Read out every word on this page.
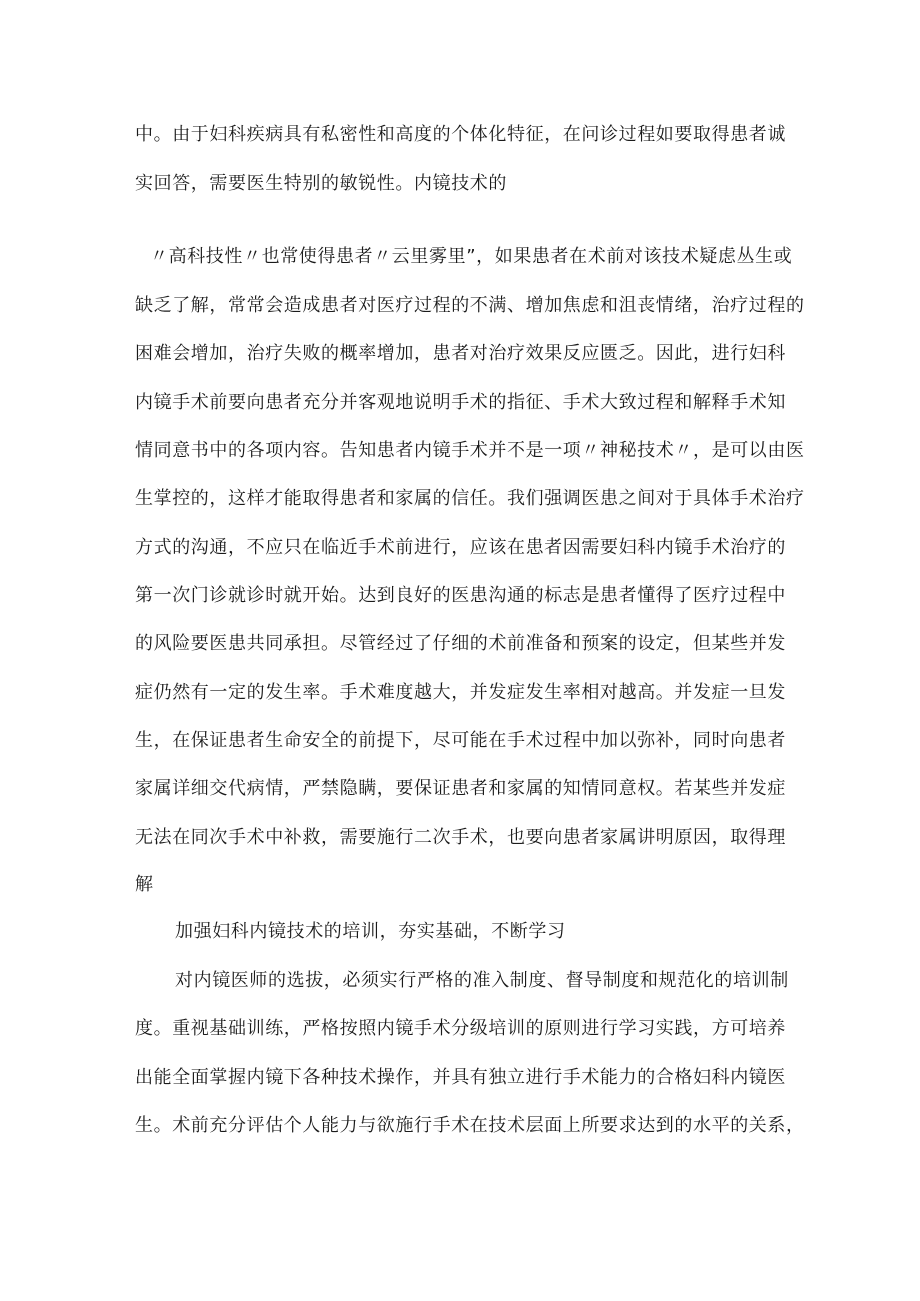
中。由于妇科疾病具有私密性和高度的个体化特征，在问诊过程如要取得患者诚
实回答，需要医生特别的敏锐性。内镜技术的
〃高科技性〃也常使得患者〃云里雾里”，如果患者在术前对该技术疑虑丛生或
缺乏了解，常常会造成患者对医疗过程的不满、增加焦虑和沮丧情绪，治疗过程的
困难会增加，治疗失败的概率增加，患者对治疗效果反应匮乏。因此，进行妇科
内镜手术前要向患者充分并客观地说明手术的指征、手术大致过程和解释手术知
情同意书中的各项内容。告知患者内镜手术并不是一项〃神秘技术〃，是可以由医
生掌控的，这样才能取得患者和家属的信任。我们强调医患之间对于具体手术治疗
方式的沟通，不应只在临近手术前进行，应该在患者因需要妇科内镜手术治疗的
第一次门诊就诊时就开始。达到良好的医患沟通的标志是患者懂得了医疗过程中
的风险要医患共同承担。尽管经过了仔细的术前准备和预案的设定，但某些并发
症仍然有一定的发生率。手术难度越大，并发症发生率相对越高。并发症一旦发
生，在保证患者生命安全的前提下，尽可能在手术过程中加以弥补，同时向患者
家属详细交代病情，严禁隐瞒，要保证患者和家属的知情同意权。若某些并发症
无法在同次手术中补救，需要施行二次手术，也要向患者家属讲明原因，取得理
解
加强妇科内镜技术的培训，夯实基础，不断学习
对内镜医师的选拔，必须实行严格的准入制度、督导制度和规范化的培训制
度。重视基础训练，严格按照内镜手术分级培训的原则进行学习实践，方可培养
出能全面掌握内镜下各种技术操作，并具有独立进行手术能力的合格妇科内镜医
生。术前充分评估个人能力与欲施行手术在技术层面上所要求达到的水平的关系，
